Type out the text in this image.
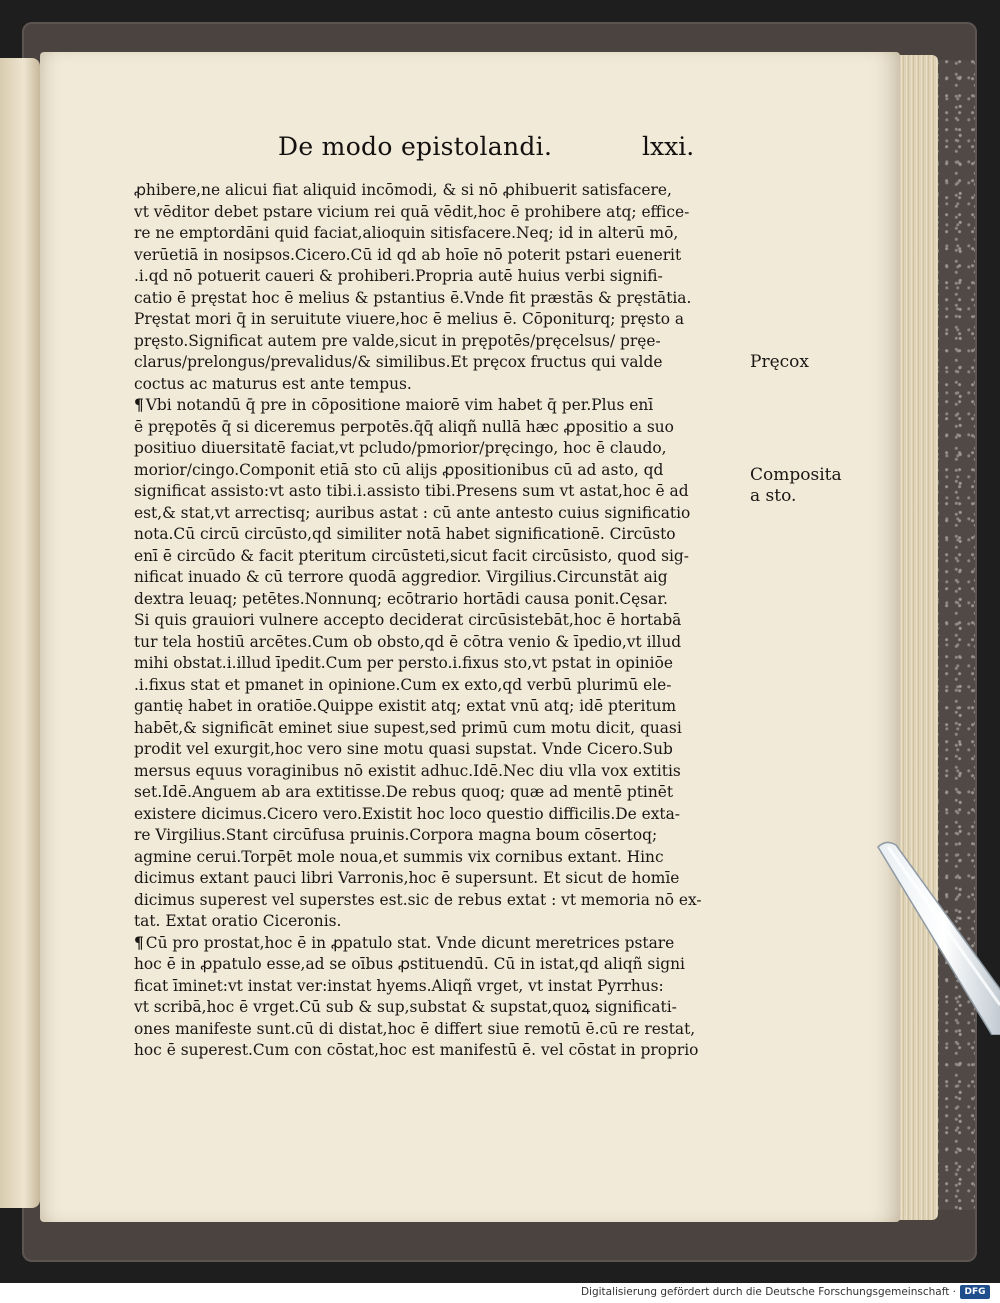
De modo epistolandi.	lxxi.
ꝓhibere,ne alicui fiat aliquid incōmodi, & si nō ꝓhibuerit satisfacere,
vt vēditor debet pstare vicium rei quā vēdit,hoc ē prohibere atq; effice-
re ne emptordāni quid faciat,alioquin sitisfacere.Neq; id in alterū mō,
verūetiā in nosipsos.Cicero.Cū id qd ab hoīe nō poterit pstari euenerit
.i.qd nō potuerit caueri & prohiberi.Propria autē huius verbi signifi-
catio ē pręstat hoc ē melius & pstantius ē.Vnde fit præstās & pręstātia.
Pręstat mori q̄ in seruitute viuere,hoc ē melius ē. Cōponiturq; pręsto a
pręsto.Significat autem pre valde,sicut in prępotēs/pręcelsus/ pręe-
clarus/prelongus/prevalidus/& similibus.Et pręcox fructus qui valde
coctus ac maturus est ante tempus.
¶ Vbi notandū q̄ pre in cōpositione maiorē vim habet q̄ per.Plus enī
ē prępotēs q̄ si diceremus perpotēs.q̄q̄ aliqñ nullā hæc ꝓpositio a suo
positiuo diuersitatē faciat,vt pcludo/pmorior/pręcingo, hoc ē claudo,
morior/cingo.Componit etiā sto cū alijs ꝓpositionibus cū ad asto, qd
significat assisto:vt asto tibi.i.assisto tibi.Presens sum vt astat,hoc ē ad
est,& stat,vt arrectisq; auribus astat : cū ante antesto cuius significatio
nota.Cū circū circūsto,qd similiter notā habet significationē. Circūsto
enī ē circūdo & facit pteritum circūsteti,sicut facit circūsisto, quod sig-
nificat inuado & cū terrore quodā aggredior. Virgilius.Circunstāt aig
dextra leuaq; petētes.Nonnunq; ecōtrario hortādi causa ponit.Cęsar.
Si quis grauiori vulnere accepto deciderat circūsistebāt,hoc ē hortabā
tur tela hostiū arcētes.Cum ob obsto,qd ē cōtra venio & īpedio,vt illud
mihi obstat.i.illud īpedit.Cum per persto.i.fixus sto,vt pstat in opiniōe
.i.fixus stat et pmanet in opinione.Cum ex exto,qd verbū plurimū ele-
gantię habet in oratiōe.Quippe existit atq; extat vnū atq; idē pteritum
habēt,& significāt eminet siue supest,sed primū cum motu dicit, quasi
prodit vel exurgit,hoc vero sine motu quasi supstat. Vnde Cicero.Sub
mersus equus voraginibus nō existit adhuc.Idē.Nec diu vlla vox extitis
set.Idē.Anguem ab ara extitisse.De rebus quoq; quæ ad mentē ptinēt
existere dicimus.Cicero vero.Existit hoc loco questio difficilis.De exta-
re Virgilius.Stant circūfusa pruinis.Corpora magna boum cōsertoq;
agmine cerui.Torpēt mole noua,et summis vix cornibus extant. Hinc
dicimus extant pauci libri Varronis,hoc ē supersunt. Et sicut de homīe
dicimus superest vel superstes est.sic de rebus extat : vt memoria nō ex-
tat. Extat oratio Ciceronis.
¶ Cū pro prostat,hoc ē in ꝓpatulo stat. Vnde dicunt meretrices pstare
hoc ē in ꝓpatulo esse,ad se oībus ꝓstituendū. Cū in istat,qd aliqñ signi
ficat īminet:vt instat ver:instat hyems.Aliqñ vrget, vt instat Pyrrhus:
vt scribā,hoc ē vrget.Cū sub & sup,substat & supstat,quoꝝ significati-
ones manifeste sunt.cū di distat,hoc ē differt siue remotū ē.cū re restat,
hoc ē superest.Cum con cōstat,hoc est manifestū ē. vel cōstat in proprio
Pręcox
Composita
a sto.
Digitalisierung gefördert durch die Deutsche Forschungsgemeinschaft · DFG
